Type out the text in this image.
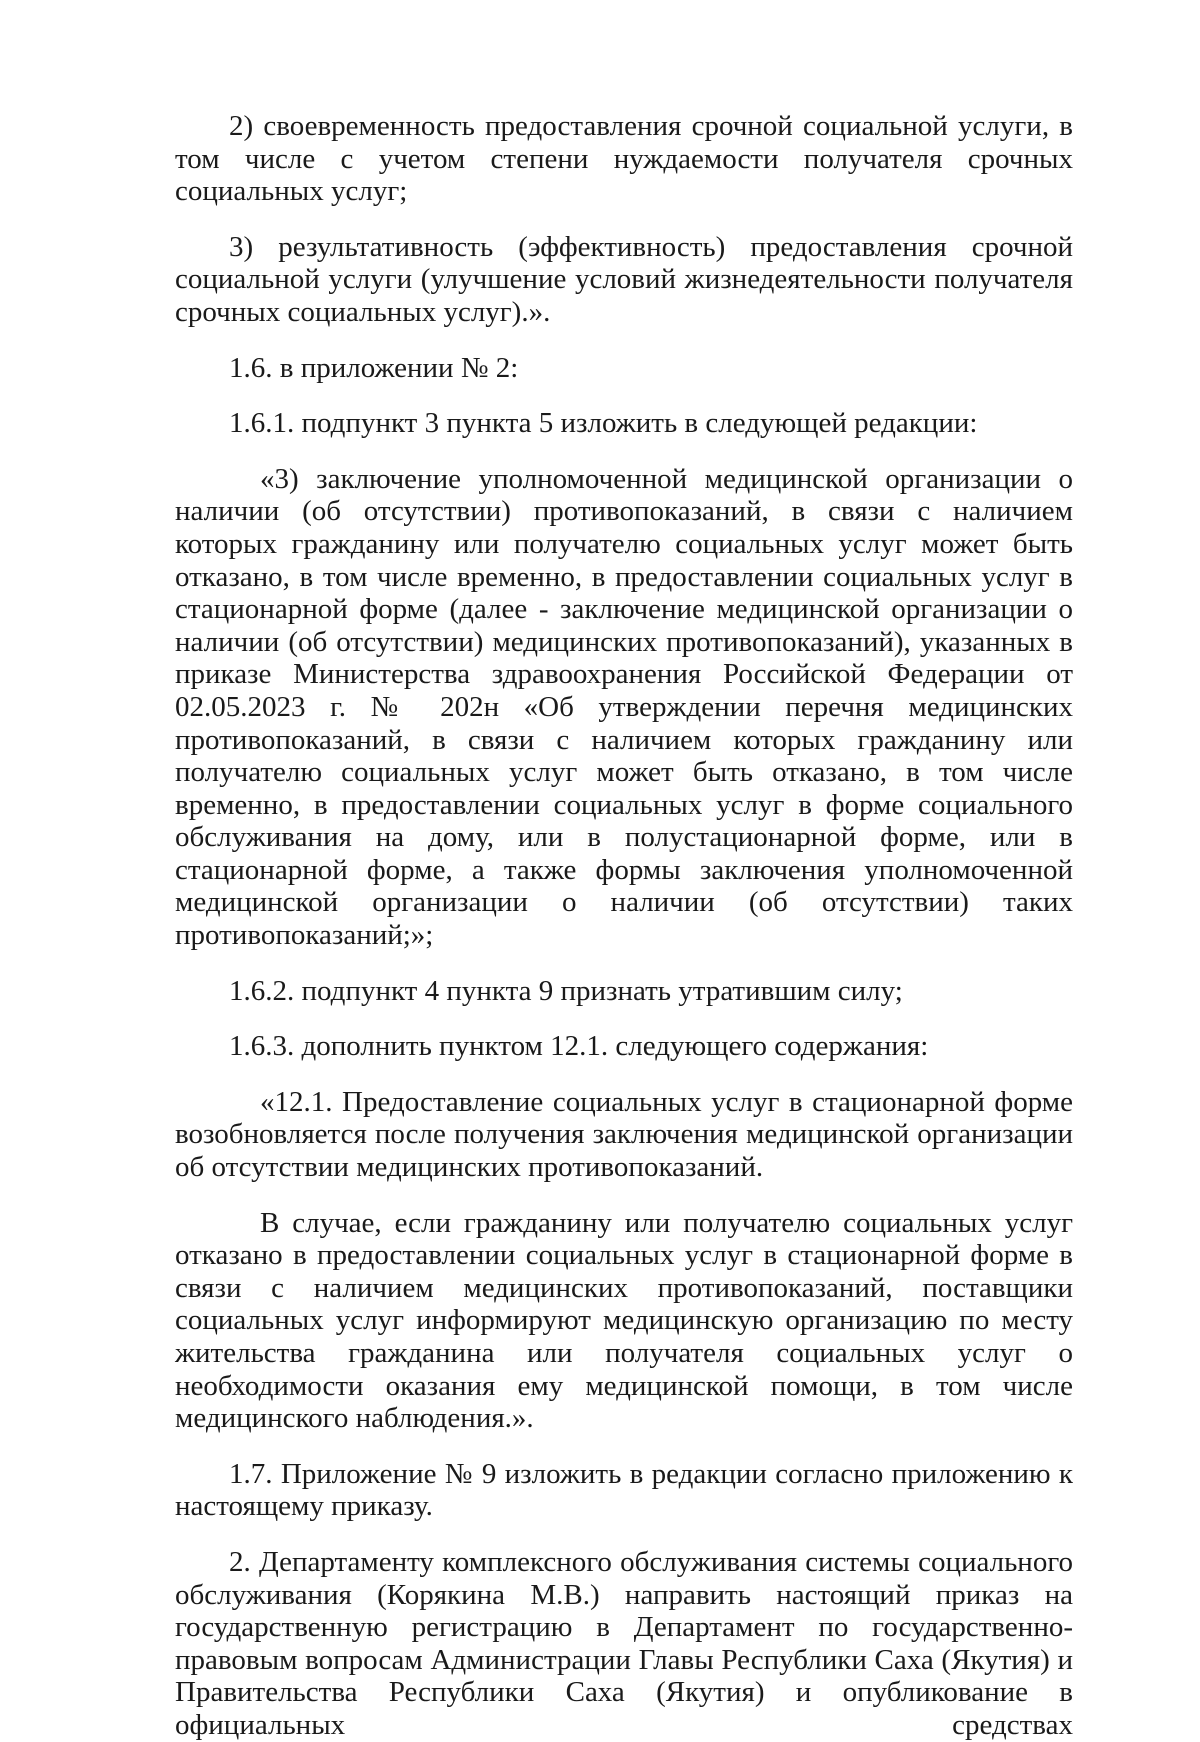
2) своевременность предоставления срочной социальной услуги, в том числе с учетом степени нуждаемости получателя срочных социальных услуг;

3) результативность (эффективность) предоставления срочной социальной услуги (улучшение условий жизнедеятельности получателя срочных социальных услуг).».

1.6. в приложении № 2:

1.6.1. подпункт 3 пункта 5 изложить в следующей редакции:

«3) заключение уполномоченной медицинской организации о наличии (об отсутствии) противопоказаний, в связи с наличием которых гражданину или получателю социальных услуг может быть отказано, в том числе временно, в предоставлении социальных услуг в стационарной форме (далее - заключение медицинской организации о наличии (об отсутствии) медицинских противопоказаний), указанных в приказе Министерства здравоохранения Российской Федерации от 02.05.2023 г. № 202н «Об утверждении перечня медицинских противопоказаний, в связи с наличием которых гражданину или получателю социальных услуг может быть отказано, в том числе временно, в предоставлении социальных услуг в форме социального обслуживания на дому, или в полустационарной форме, или в стационарной форме, а также формы заключения уполномоченной медицинской организации о наличии (об отсутствии) таких противопоказаний;»;

1.6.2. подпункт 4 пункта 9 признать утратившим силу;

1.6.3. дополнить пунктом 12.1. следующего содержания:

«12.1. Предоставление социальных услуг в стационарной форме возобновляется после получения заключения медицинской организации об отсутствии медицинских противопоказаний.

В случае, если гражданину или получателю социальных услуг отказано в предоставлении социальных услуг в стационарной форме в связи с наличием медицинских противопоказаний, поставщики социальных услуг информируют медицинскую организацию по месту жительства гражданина или получателя социальных услуг о необходимости оказания ему медицинской помощи, в том числе медицинского наблюдения.».

1.7. Приложение № 9 изложить в редакции согласно приложению к настоящему приказу.

2. Департаменту комплексного обслуживания системы социального обслуживания (Корякина М.В.) направить настоящий приказ на государственную регистрацию в Департамент по государственно-правовым вопросам Администрации Главы Республики Саха (Якутия) и Правительства Республики Саха (Якутия) и опубликование в официальных средствах
